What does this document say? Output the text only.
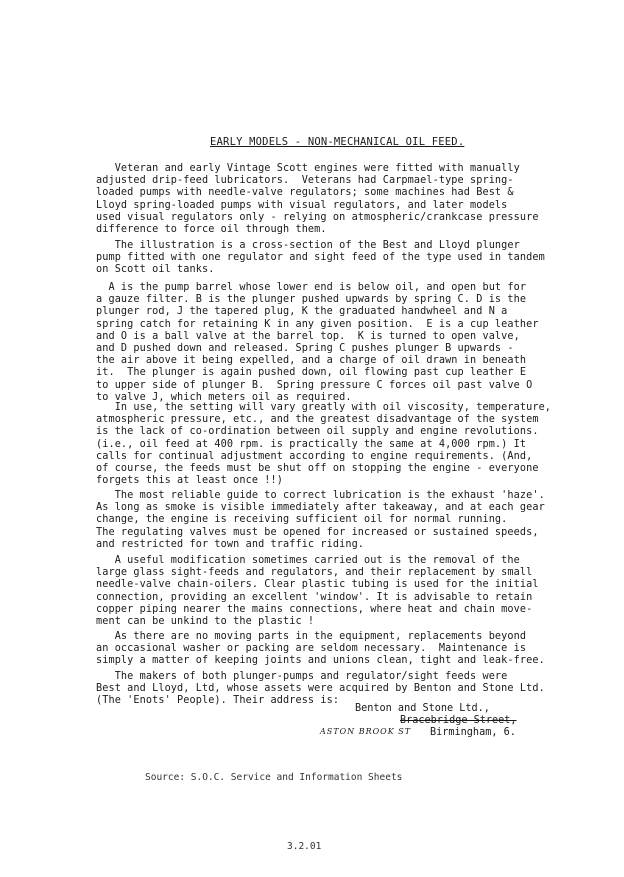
EARLY MODELS - NON-MECHANICAL OIL FEED.
Veteran and early Vintage Scott engines were fitted with manually
adjusted drip-feed lubricators.  Veterans had Carpmael-type spring-
loaded pumps with needle-valve regulators; some machines had Best &
Lloyd spring-loaded pumps with visual regulators, and later models
used visual regulators only - relying on atmospheric/crankcase pressure
difference to force oil through them.
The illustration is a cross-section of the Best and Lloyd plunger
pump fitted with one regulator and sight feed of the type used in tandem
on Scott oil tanks.
A is the pump barrel whose lower end is below oil, and open but for
a gauze filter. B is the plunger pushed upwards by spring C. D is the
plunger rod, J the tapered plug, K the graduated handwheel and N a
spring catch for retaining K in any given position.  E is a cup leather
and O is a ball valve at the barrel top.  K is turned to open valve,
and D pushed down and released. Spring C pushes plunger B upwards -
the air above it being expelled, and a charge of oil drawn in beneath
it.  The plunger is again pushed down, oil flowing past cup leather E
to upper side of plunger B.  Spring pressure C forces oil past valve O
to valve J, which meters oil as required.
In use, the setting will vary greatly with oil viscosity, temperature,
atmospheric pressure, etc., and the greatest disadvantage of the system
is the lack of co-ordination between oil supply and engine revolutions.
(i.e., oil feed at 400 rpm. is practically the same at 4,000 rpm.) It
calls for continual adjustment according to engine requirements. (And,
of course, the feeds must be shut off on stopping the engine - everyone
forgets this at least once !!)
The most reliable guide to correct lubrication is the exhaust 'haze'.
As long as smoke is visible immediately after takeaway, and at each gear
change, the engine is receiving sufficient oil for normal running.
The regulating valves must be opened for increased or sustained speeds,
and restricted for town and traffic riding.
A useful modification sometimes carried out is the removal of the
large glass sight-feeds and regulators, and their replacement by small
needle-valve chain-oilers. Clear plastic tubing is used for the initial
connection, providing an excellent 'window'. It is advisable to retain
copper piping nearer the mains connections, where heat and chain move-
ment can be unkind to the plastic !
As there are no moving parts in the equipment, replacements beyond
an occasional washer or packing are seldom necessary.  Maintenance is
simply a matter of keeping joints and unions clean, tight and leak-free.
The makers of both plunger-pumps and regulator/sight feeds were
Best and Lloyd, Ltd, whose assets were acquired by Benton and Stone Ltd.
(The 'Enots' People). Their address is:
Benton and Stone Ltd.,
Bracebridge Street,
ASTON BROOK ST Birmingham, 6.
Source: S.O.C. Service and Information Sheets
3.2.01
